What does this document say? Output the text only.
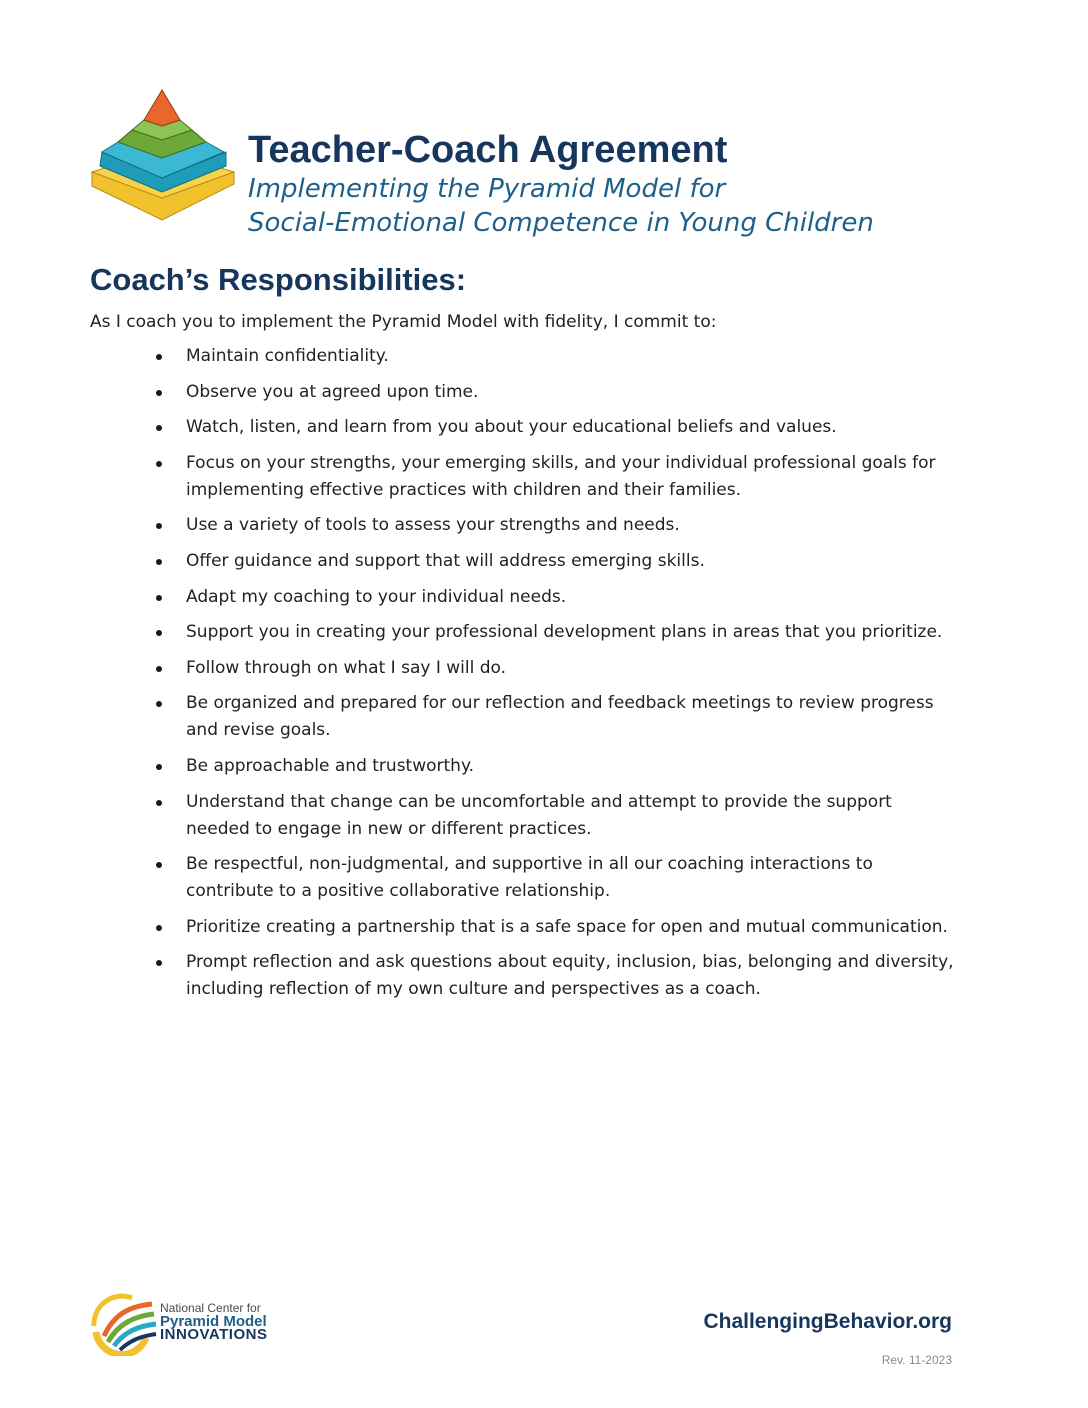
Teacher-Coach Agreement
Implementing the Pyramid Model for
Social-Emotional Competence in Young Children
Coach’s Responsibilities:

As I coach you to implement the Pyramid Model with fidelity, I commit to:

Maintain confidentiality.
Observe you at agreed upon time.
Watch, listen, and learn from you about your educational beliefs and values.
Focus on your strengths, your emerging skills, and your individual professional goals for implementing effective practices with children and their families.
Use a variety of tools to assess your strengths and needs.
Offer guidance and support that will address emerging skills.
Adapt my coaching to your individual needs.
Support you in creating your professional development plans in areas that you prioritize.
Follow through on what I say I will do.
Be organized and prepared for our reflection and feedback meetings to review progress and revise goals.
Be approachable and trustworthy.
Understand that change can be uncomfortable and attempt to provide the support needed to engage in new or different practices.
Be respectful, non-judgmental, and supportive in all our coaching interactions to contribute to a positive collaborative relationship.
Prioritize creating a partnership that is a safe space for open and mutual communication.
Prompt reflection and ask questions about equity, inclusion, bias, belonging and diversity, including reflection of my own culture and perspectives as a coach.
National Center for
Pyramid Model
INNOVATIONS
ChallengingBehavior.org
Rev. 11-2023
